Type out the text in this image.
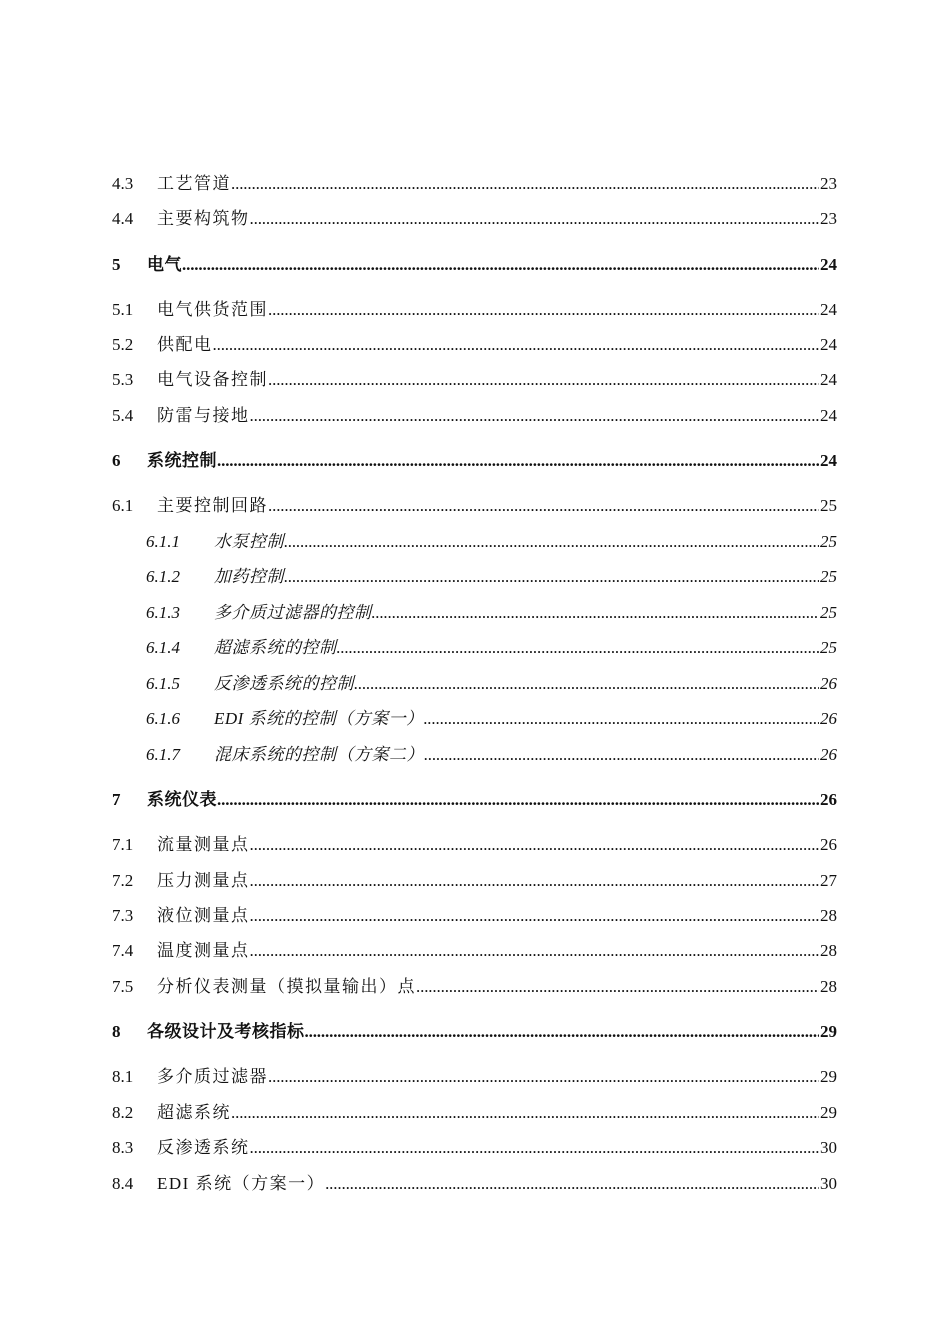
4.3	工艺管道 . . .	23
4.4	主要构筑物 . . .	23
5	电气 . . .	24
5.1	电气供货范围 . . .	24
5.2	供配电 . . .	24
5.3	电气设备控制 . . .	24
5.4	防雷与接地 . . .	24
6	系统控制 . . .	24
6.1	主要控制回路 . . .	25
6.1.1	水泵控制 . . .	25
6.1.2	加药控制 . . .	25
6.1.3	多介质过滤器的控制 . . .	25
6.1.4	超滤系统的控制 . . .	25
6.1.5	反渗透系统的控制 . . .	26
6.1.6	EDI 系统的控制（方案一） . . .	26
6.1.7	混床系统的控制（方案二） . . .	26
7	系统仪表 . . .	26
7.1	流量测量点 . . .	26
7.2	压力测量点 . . .	27
7.3	液位测量点 . . .	28
7.4	温度测量点 . . .	28
7.5	分析仪表测量（摸拟量输出）点 . . .	28
8	各级设计及考核指标 . . .	29
8.1	多介质过滤器 . . .	29
8.2	超滤系统 . . .	29
8.3	反渗透系统 . . .	30
8.4	EDI 系统（方案一） . . .	30
